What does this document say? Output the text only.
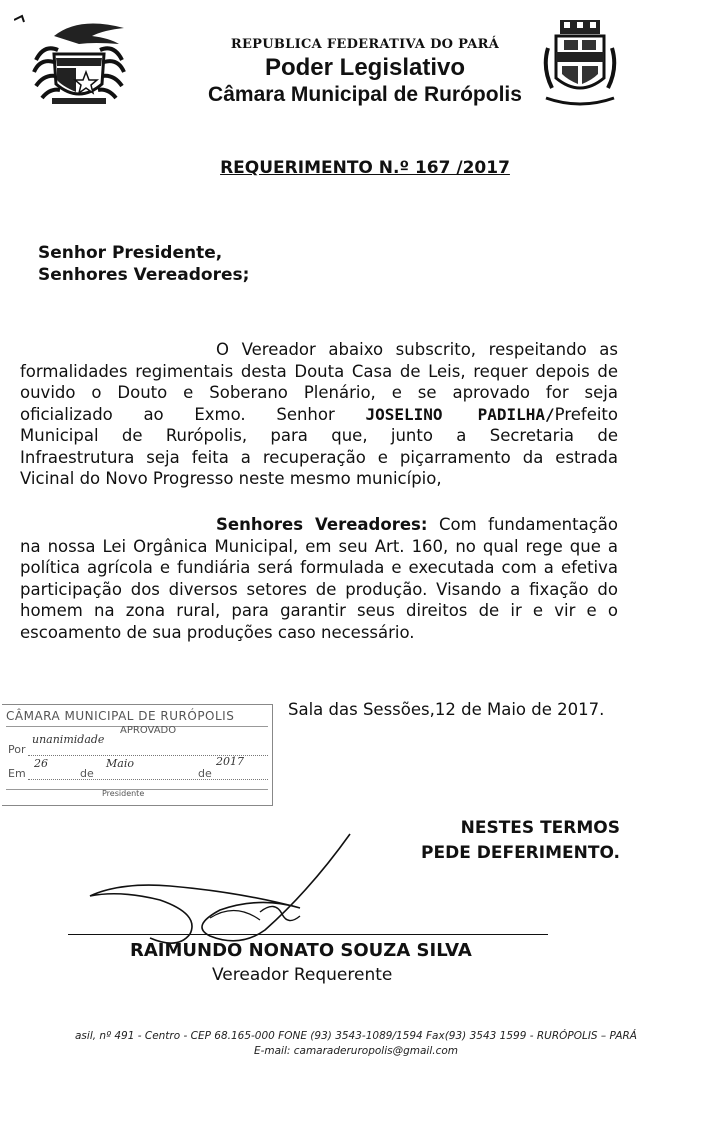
REPUBLICA FEDERATIVA DO PARÁ
Poder Legislativo
Câmara Municipal de Rurópolis
REQUERIMENTO N.º 167 /2017
Senhor Presidente,
Senhores Vereadores;
O Vereador abaixo subscrito, respeitando as
formalidades regimentais desta Douta Casa de Leis, requer depois de
ouvido o Douto e Soberano Plenário, e se aprovado for seja
oficializado ao Exmo. Senhor JOSELINO PADILHA/Prefeito
Municipal de Rurópolis, para que, junto a Secretaria de
Infraestrutura seja feita a recuperação e piçarramento da estrada
Vicinal do Novo Progresso neste mesmo município,
Senhores Vereadores: Com fundamentação
na nossa Lei Orgânica Municipal, em seu Art. 160, no qual rege que a
política agrícola e fundiária será formulada e executada com a efetiva
participação dos diversos setores de produção. Visando a fixação do
homem na zona rural, para garantir seus direitos de ir e vir e o
escoamento de sua produções caso necessário.
Sala das Sessões,12 de Maio de 2017.
CÂMARA MUNICIPAL DE RURÓPOLIS
APROVADO
Por
unanimidade
Em
26
de
Maio
de
2017
Presidente
NESTES TERMOS
PEDE DEFERIMENTO.
RAIMUNDO NONATO SOUZA SILVA
Vereador Requerente
asil, nº 491 - Centro - CEP 68.165-000 FONE (93) 3543-1089/1594 Fax(93) 3543 1599 - RURÓPOLIS – PARÁ
E-mail: camaraderuropolis@gmail.com
